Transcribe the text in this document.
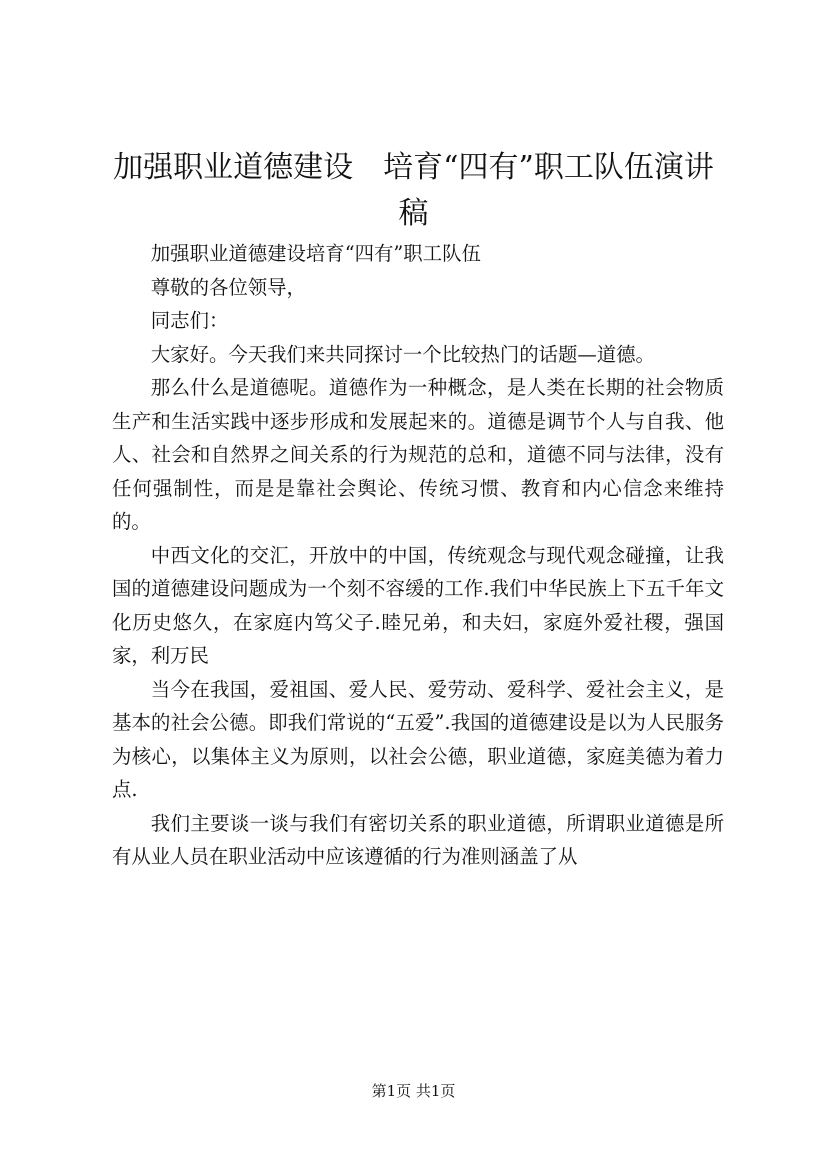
加强职业道德建设　培育“四有”职工队伍演讲稿

加强职业道德建设培育“四有”职工队伍

尊敬的各位领导，

同志们：

大家好。今天我们来共同探讨一个比较热门的话题—道德。

那么什么是道德呢。道德作为一种概念，是人类在长期的社会物质生产和生活实践中逐步形成和发展起来的。道德是调节个人与自我、他人、社会和自然界之间关系的行为规范的总和，道德不同与法律，没有任何强制性，而是是靠社会舆论、传统习惯、教育和内心信念来维持的。

中西文化的交汇，开放中的中国，传统观念与现代观念碰撞，让我国的道德建设问题成为一个刻不容缓的工作.我们中华民族上下五千年文化历史悠久，在家庭内笃父子.睦兄弟，和夫妇，家庭外爱社稷，强国家，利万民

当今在我国，爱祖国、爱人民、爱劳动、爱科学、爱社会主义，是基本的社会公德。即我们常说的“五爱”.我国的道德建设是以为人民服务为核心，以集体主义为原则，以社会公德，职业道德，家庭美德为着力点.

我们主要谈一谈与我们有密切关系的职业道德，所谓职业道德是所有从业人员在职业活动中应该遵循的行为准则涵盖了从

第1页 共1页
